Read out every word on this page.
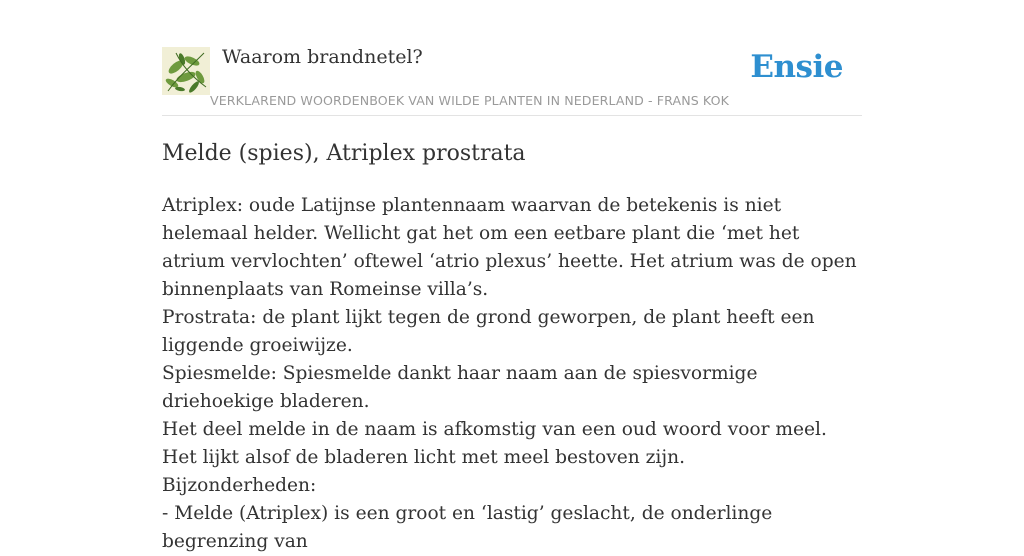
Waarom brandnetel?	Ensie
VERKLAREND WOORDENBOEK VAN WILDE PLANTEN IN NEDERLAND - FRANS KOK
Melde (spies), Atriplex prostrata

Atriplex: oude Latijnse plantennaam waarvan de betekenis is niet helemaal helder. Wellicht gat het om een eetbare plant die ‘met het atrium vervlochten’ oftewel ‘atrio plexus’ heette. Het atrium was de open binnenplaats van Romeinse villa’s.

Prostrata: de plant lijkt tegen de grond geworpen, de plant heeft een liggende groeiwijze.

Spiesmelde: Spiesmelde dankt haar naam aan de spiesvormige driehoekige bladeren.

Het deel melde in de naam is afkomstig van een oud woord voor meel. Het lijkt alsof de bladeren licht met meel bestoven zijn.

Bijzonderheden:

- Melde (Atriplex) is een groot en ‘lastig’ geslacht, de onderlinge begrenzing van
